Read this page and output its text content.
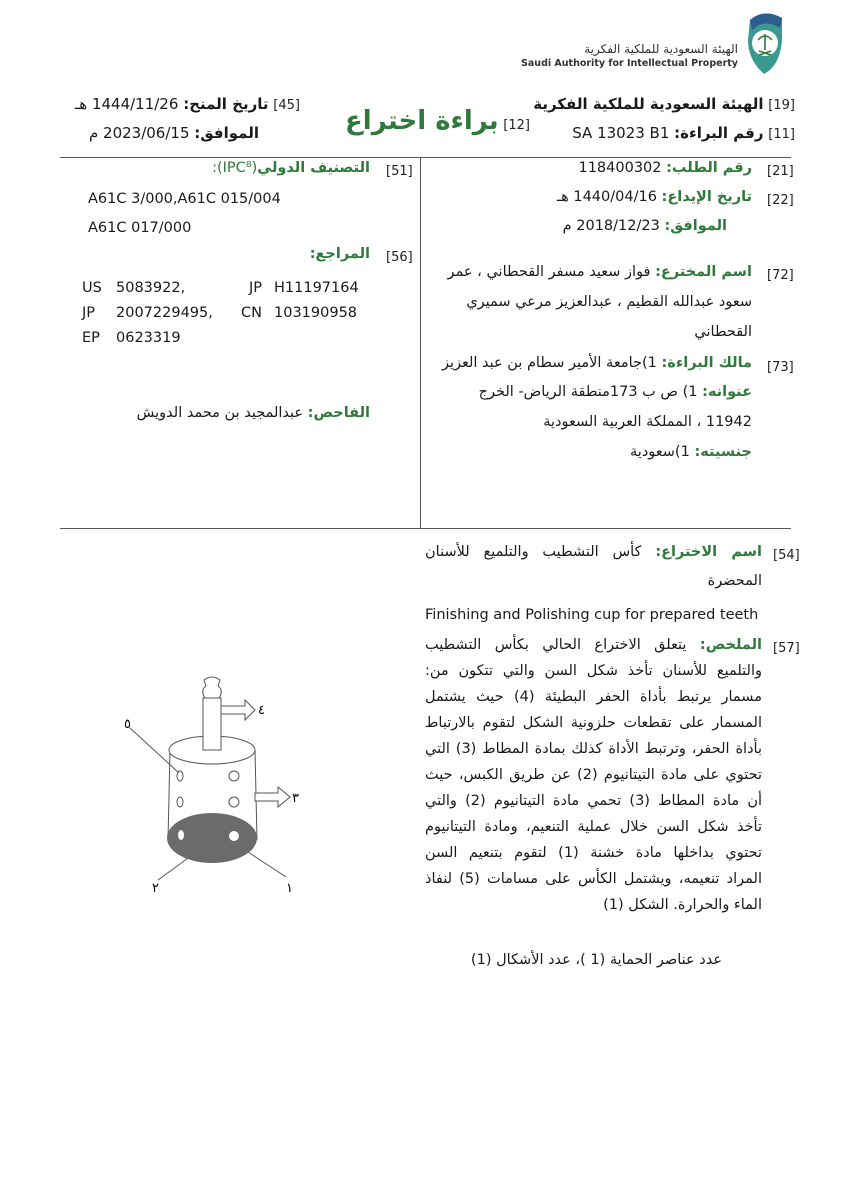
الهيئة السعودية للملكية الفكرية
Saudi Authority for Intellectual Property
[19] الهيئة السعودية للملكية الفكرية
[11] رقم البراءة: SA 13023 B1
[12] براءة اختراع
[45] تاريخ المنح: 1444/11/26 هـ
الموافق: 2023/06/15 م
[21]
رقم الطلب: 118400302
[22]
تاريخ الإيداع: 1440/04/16 هـ
الموافق: 2018/12/23 م
[72]
اسم المخترع: فواز سعيد مسفر القحطاني ، عمر
سعود عبدالله القطيم ، عبدالعزيز مرعي سميري
القحطاني
[73]
مالك البراءة: 1)جامعة الأمير سطام بن عبد العزيز
عنوانه: 1) ص ب 173منطقة الرياض- الخرج
11942 ، المملكة العربية السعودية
جنسيته: 1)سعودية
[51]
التصنيف الدولي(IPC⁸):
A61C 3/000,A61C 015/004
A61C 017/000
[56]
المراجع:
US 5083922,	JP H11197164
JP	2007229495,	CN 103190958
EP	0623319
الفاحص: عبدالمجيد بن محمد الدويش
[54]
اسم الاختراع: كأس التشطيب والتلميع للأسنان
المحضرة
Finishing and Polishing cup for prepared teeth
[57]
الملخص: يتعلق الاختراع الحالي بكأس التشطيب
والتلميع للأسنان تأخذ شكل السن والتي تتكون من:
مسمار يرتبط بأداة الحفر البطيئة (4) حيث يشتمل
المسمار على تقطعات حلزونية الشكل لتقوم بالارتباط
بأداة الحفر، وترتبط الأداة كذلك بمادة المطاط (3) التي
تحتوي على مادة التيتانيوم (2) عن طريق الكبس، حيث
أن مادة المطاط (3) تحمي مادة التيتانيوم (2) والتي
تأخذ شكل السن خلال عملية التنعيم، ومادة التيتانيوم
تحتوي بداخلها مادة خشنة (1) لتقوم بتنعيم السن
المراد تنعيمه، ويشتمل الكأس على مسامات (5) لنفاذ
الماء والحرارة. الشكل (1)
عدد عناصر الحماية (1 )، عدد الأشكال (1)
١
٢
٣
٤
٥
